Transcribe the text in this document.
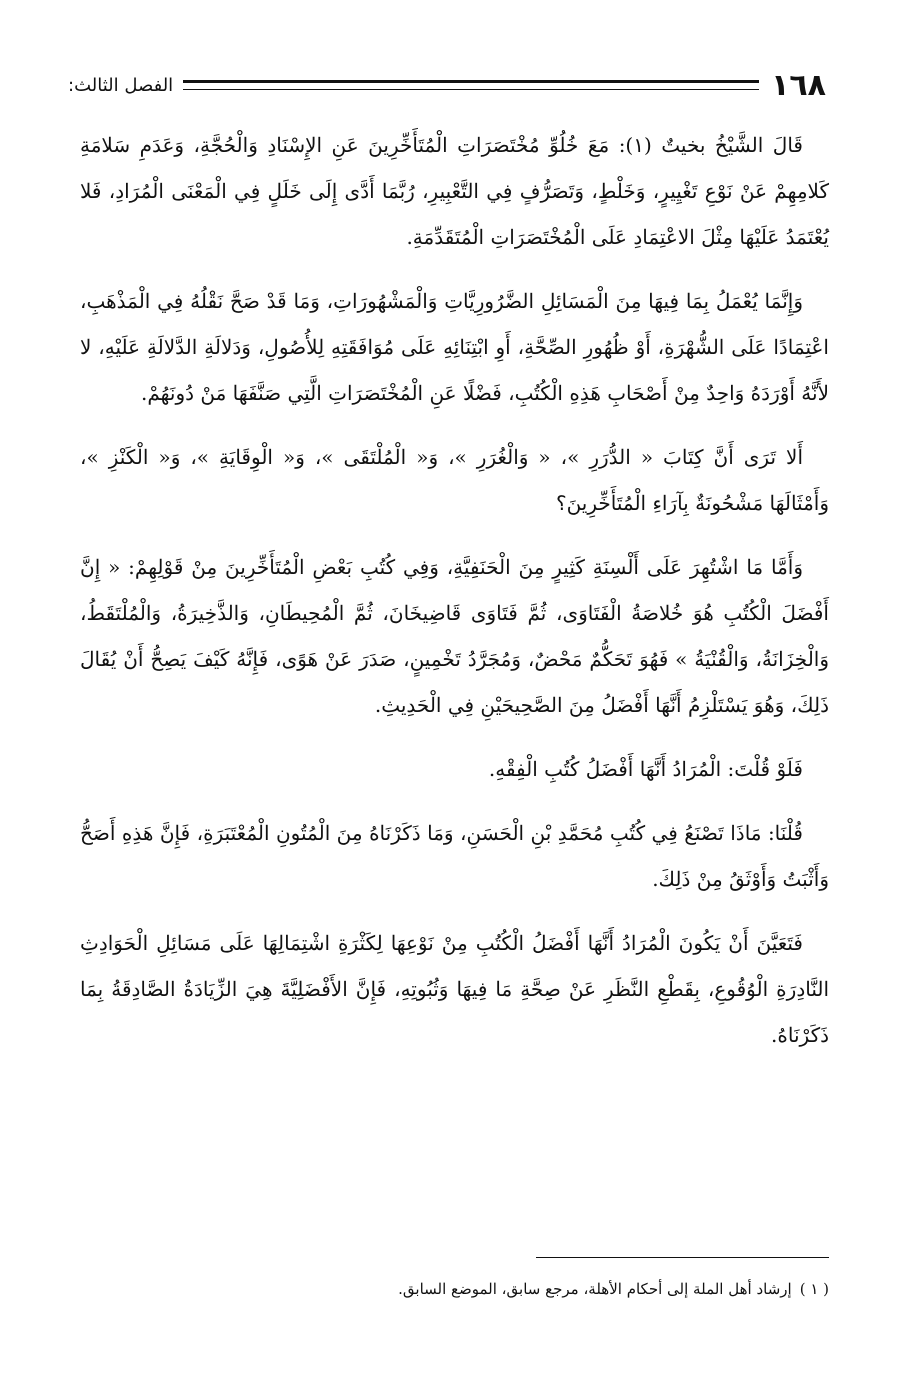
١٦٨
الفصل الثالث:

قَالَ الشَّيْخُ بخيتٌ (١): مَعَ خُلُوِّ مُخْتَصَرَاتِ الْمُتَأَخِّرِينَ عَنِ الإِسْنَادِ وَالْحُجَّةِ، وَعَدَمِ سَلامَةِ كَلامِهِمْ عَنْ نَوْعِ تَغْيِيرٍ، وَخَلْطٍ، وَتَصَرُّفٍ فِي التَّعْبِيرِ، رُبَّمَا أَدَّى إِلَى خَلَلٍ فِي الْمَعْنَى الْمُرَادِ، فَلا يُعْتَمَدُ عَلَيْهَا مِثْلَ الاعْتِمَادِ عَلَى الْمُخْتَصَرَاتِ الْمُتَقَدِّمَةِ.

وَإِنَّمَا يُعْمَلُ بِمَا فِيهَا مِنَ الْمَسَائِلِ الضَّرُورِيَّاتِ وَالْمَشْهُورَاتِ، وَمَا قَدْ صَحَّ نَقْلُهُ فِي الْمَذْهَبِ، اعْتِمَادًا عَلَى الشُّهْرَةِ، أَوْ ظُهُورِ الصِّحَّةِ، أَوِ ابْتِنَائِهِ عَلَى مُوَافَقَتِهِ لِلأُصُولِ، وَدَلالَةِ الدَّلالَةِ عَلَيْهِ، لا لأَنَّهُ أَوْرَدَهُ وَاحِدٌ مِنْ أَصْحَابِ هَذِهِ الْكُتُبِ، فَضْلًا عَنِ الْمُخْتَصَرَاتِ الَّتِي صَنَّفَهَا مَنْ دُونَهُمْ.

أَلا تَرَى أَنَّ كِتَابَ « الدُّرَرِ »، « وَالْغُرَرِ »، وَ« الْمُلْتَقَى »، وَ« الْوِقَايَةِ »، وَ« الْكَنْزِ »، وَأَمْثَالَهَا مَشْحُونَةٌ بِآرَاءِ الْمُتَأَخِّرِينَ؟

وَأَمَّا مَا اشْتُهِرَ عَلَى أَلْسِنَةِ كَثِيرٍ مِنَ الْحَنَفِيَّةِ، وَفِي كُتُبِ بَعْضِ الْمُتَأَخِّرِينَ مِنْ قَوْلِهِمْ: « إِنَّ أَفْضَلَ الْكُتُبِ هُوَ خُلاصَةُ الْفَتَاوَى، ثُمَّ فَتَاوَى قَاضِيخَانَ، ثُمَّ الْمُحِيطَانِ، وَالذَّخِيرَةُ، وَالْمُلْتَقَطُ، وَالْخِزَانَةُ، وَالْقُنْيَةُ » فَهُوَ تَحَكُّمٌ مَحْضٌ، وَمُجَرَّدُ تَخْمِينٍ، صَدَرَ عَنْ هَوًى، فَإِنَّهُ كَيْفَ يَصِحُّ أَنْ يُقَالَ ذَلِكَ، وَهُوَ يَسْتَلْزِمُ أَنَّهَا أَفْضَلُ مِنَ الصَّحِيحَيْنِ فِي الْحَدِيثِ.

فَلَوْ قُلْتَ: الْمُرَادُ أَنَّهَا أَفْضَلُ كُتُبِ الْفِقْهِ.

قُلْنَا: مَاذَا تَصْنَعُ فِي كُتُبِ مُحَمَّدِ بْنِ الْحَسَنِ، وَمَا ذَكَرْنَاهُ مِنَ الْمُتُونِ الْمُعْتَبَرَةِ، فَإِنَّ هَذِهِ أَصَحُّ وَأَثْبَتُ وَأَوْثَقُ مِنْ ذَلِكَ.

فَتَعَيَّنَ أَنْ يَكُونَ الْمُرَادُ أَنَّهَا أَفْضَلُ الْكُتُبِ مِنْ نَوْعِهَا لِكَثْرَةِ اشْتِمَالِهَا عَلَى مَسَائِلِ الْحَوَادِثِ النَّادِرَةِ الْوُقُوعِ، بِقَطْعِ النَّظَرِ عَنْ صِحَّةِ مَا فِيهَا وَثُبُوتِهِ، فَإِنَّ الأَفْضَلِيَّةَ هِيَ الزِّيَادَةُ الصَّادِقَةُ بِمَا ذَكَرْنَاهُ.

( ١ )إرشاد أهل الملة إلى أحكام الأهلة، مرجع سابق، الموضع السابق.
